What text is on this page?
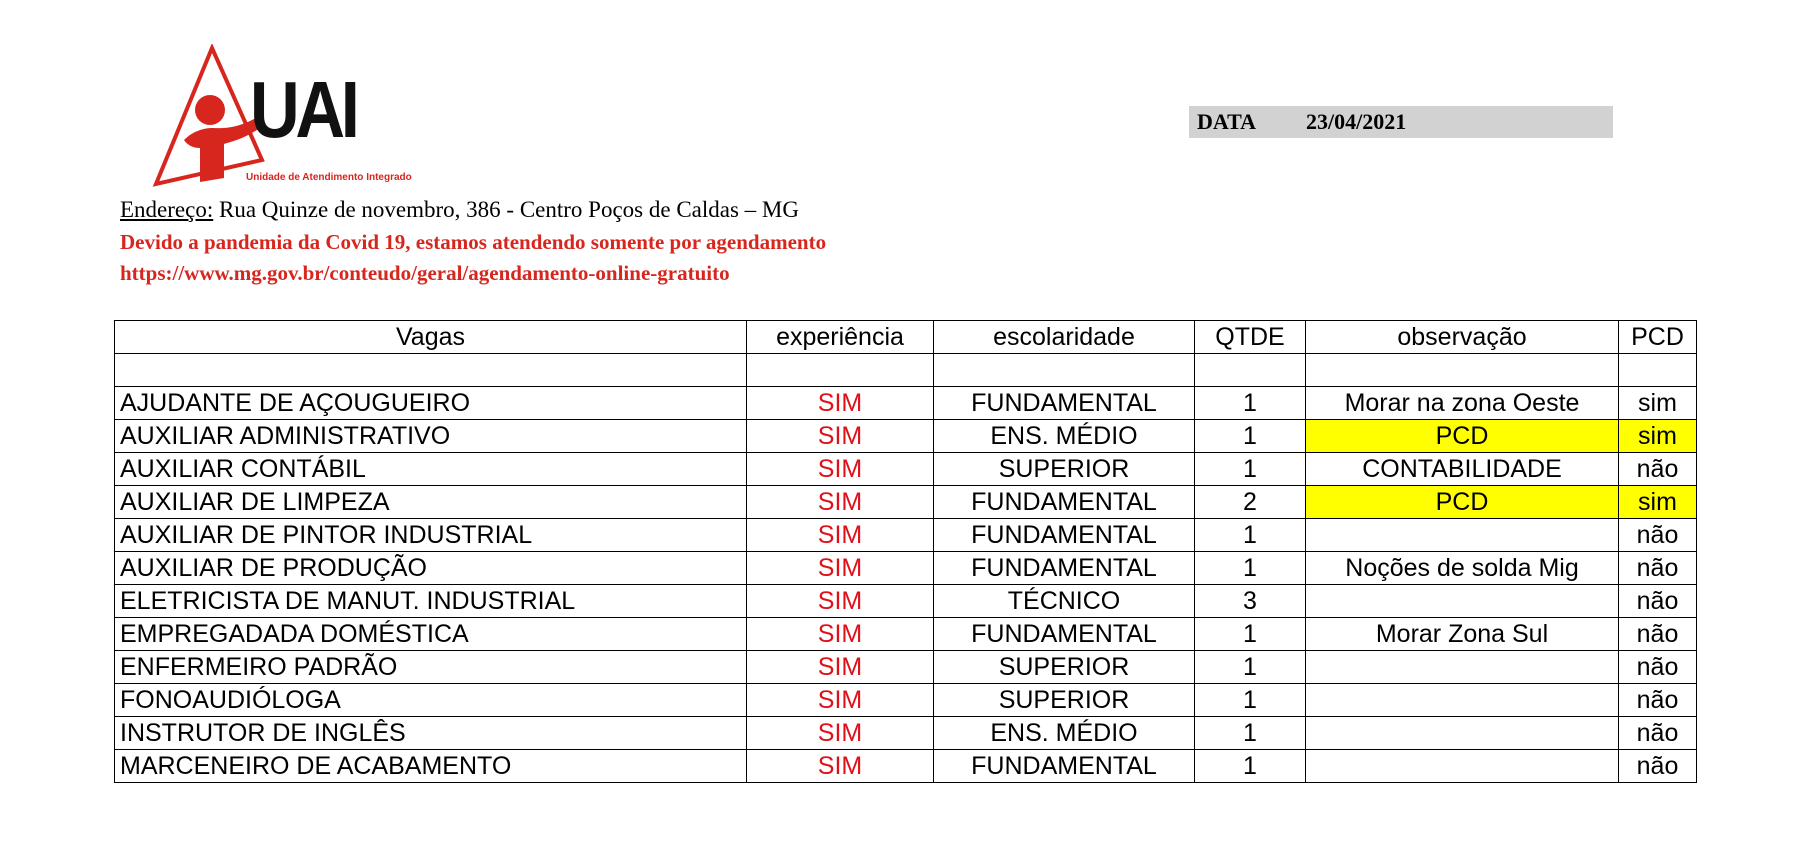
UAI
Unidade de Atendimento Integrado
DATA 23/04/2021
Endereço: Rua Quinze de novembro, 386 - Centro Poços de Caldas – MG
Devido a pandemia da Covid 19, estamos atendendo somente por agendamento
https://www.mg.gov.br/conteudo/geral/agendamento-online-gratuito
Vagas	experiência	escolaridade	QTDE	observação	PCD

AJUDANTE DE AÇOUGUEIRO	SIM	FUNDAMENTAL	1	Morar na zona Oeste	sim
AUXILIAR ADMINISTRATIVO	SIM	ENS. MÉDIO	1	PCD	sim
AUXILIAR CONTÁBIL	SIM	SUPERIOR	1	CONTABILIDADE	não
AUXILIAR DE LIMPEZA	SIM	FUNDAMENTAL	2	PCD	sim
AUXILIAR DE PINTOR INDUSTRIAL	SIM	FUNDAMENTAL	1		não
AUXILIAR DE PRODUÇÃO	SIM	FUNDAMENTAL	1	Noções de solda Mig	não
ELETRICISTA DE MANUT. INDUSTRIAL	SIM	TÉCNICO	3		não
EMPREGADADA DOMÉSTICA	SIM	FUNDAMENTAL	1	Morar Zona Sul	não
ENFERMEIRO PADRÃO	SIM	SUPERIOR	1		não
FONOAUDIÓLOGA	SIM	SUPERIOR	1		não
INSTRUTOR DE INGLÊS	SIM	ENS. MÉDIO	1		não
MARCENEIRO DE ACABAMENTO	SIM	FUNDAMENTAL	1		não
